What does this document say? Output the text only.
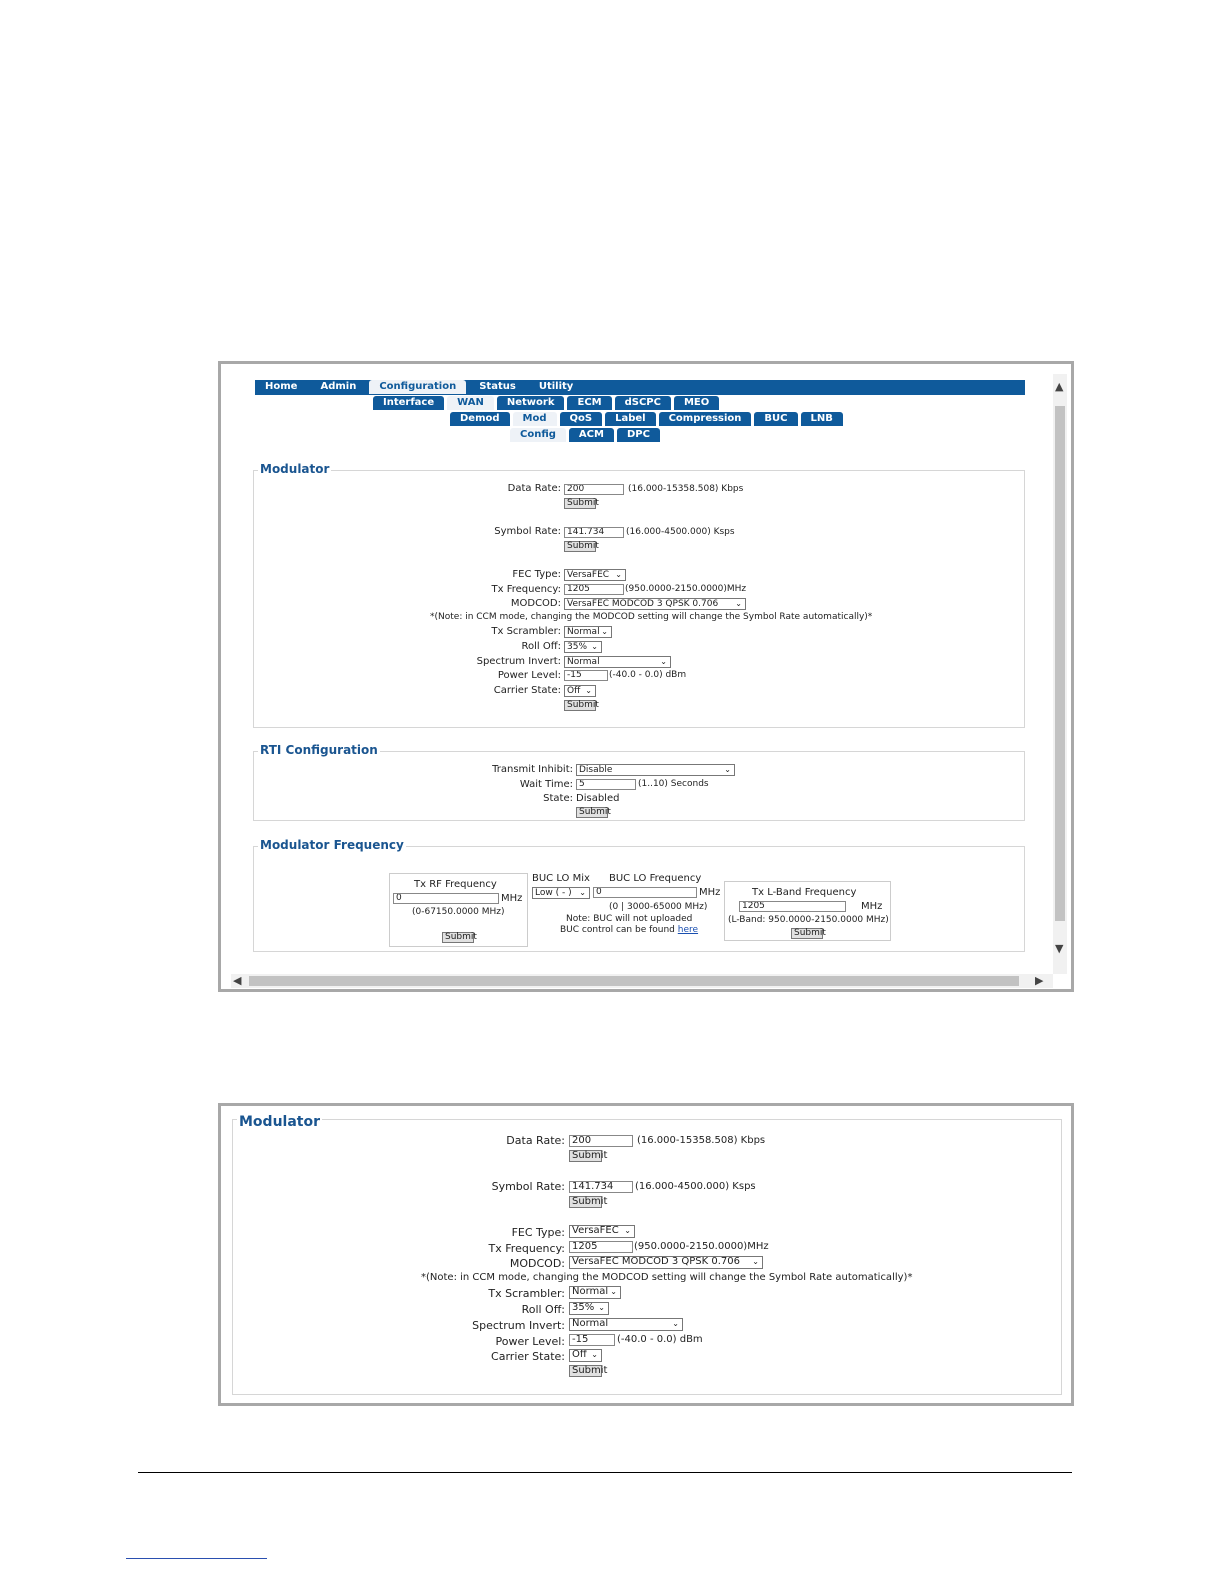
Home	Admin	Configuration	Status	Utility
Interface	WAN	Network	ECM	dSCPC	MEO
Demod	Mod	QoS	Label	Compression	BUC	LNB
Config	ACM	DPC
Modulator
Data Rate: 200	(16.000-15358.508) Kbps
Submit
Symbol Rate: 141.734	(16.000-4500.000) Ksps
Submit
FEC Type: VersaFEC ⌄
Tx Frequency: 1205	(950.0000-2150.0000)MHz
MODCOD: VersaFEC MODCOD 3 QPSK 0.706 ⌄
*(Note: in CCM mode, changing the MODCOD setting will change the Symbol Rate automatically)*
Tx Scrambler: Normal ⌄
Roll Off: 35% ⌄
Spectrum Invert: Normal	⌄
Power Level: -15	(-40.0 - 0.0) dBm
Carrier State: Off ⌄
Submit
RTI Configuration
Transmit Inhibit: Disable	⌄
Wait Time: 5	(1..10) Seconds
State: Disabled
Submit
Modulator Frequency
Tx RF Frequency
0	MHz
(0-67150.0000 MHz)
Submit
BUC LO Mix BUC LO Frequency
Low ( - ) ⌄	0	MHz
(0 | 3000-65000 MHz)
Note: BUC will not uploaded
BUC control can be found here
Tx L-Band Frequency
1205	MHz
(L-Band: 950.0000-2150.0000 MHz)
Submit
▲
▼
◀	▶
Modulator
Data Rate: 200	(16.000-15358.508) Kbps
Submit
Symbol Rate: 141.734	(16.000-4500.000) Ksps
Submit
FEC Type: VersaFEC ⌄
Tx Frequency: 1205	(950.0000-2150.0000)MHz
MODCOD: VersaFEC MODCOD 3 QPSK 0.706 ⌄
*(Note: in CCM mode, changing the MODCOD setting will change the Symbol Rate automatically)*
Tx Scrambler: Normal ⌄
Roll Off: 35% ⌄
Spectrum Invert: Normal	⌄
Power Level: -15	(-40.0 - 0.0) dBm
Carrier State: Off ⌄
Submit
